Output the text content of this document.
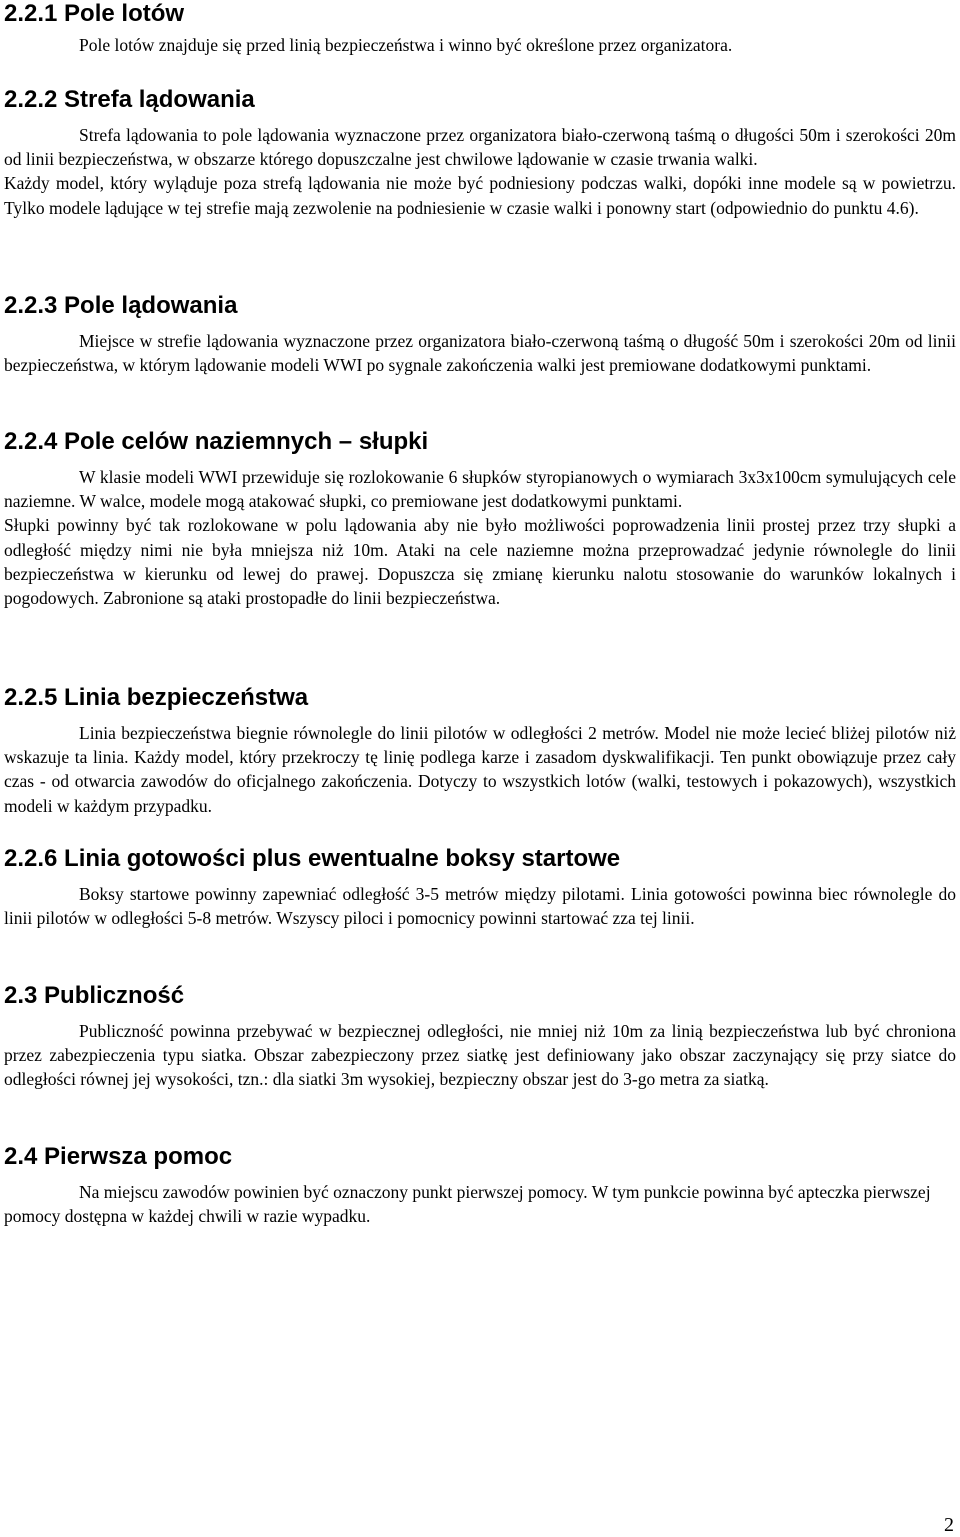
2.2.1 Pole lotów

Pole lotów znajduje się przed linią bezpieczeństwa i winno być określone przez organizatora.

2.2.2 Strefa lądowania

Strefa lądowania to pole lądowania wyznaczone przez organizatora biało-czerwoną taśmą o długości 50m i szerokości 20m od linii bezpieczeństwa, w obszarze którego dopuszczalne jest chwilowe lądowanie w czasie trwania walki.

Każdy model, który wyląduje poza strefą lądowania nie może być podniesiony podczas walki, dopóki inne modele są w powietrzu. Tylko modele lądujące w tej strefie mają zezwolenie na podniesienie w czasie walki i ponowny start (odpowiednio do punktu 4.6).

2.2.3 Pole lądowania

Miejsce w strefie lądowania wyznaczone przez organizatora biało-czerwoną taśmą o długość 50m i szerokości 20m od linii bezpieczeństwa, w którym lądowanie modeli WWI po sygnale zakończenia walki jest premiowane dodatkowymi punktami.

2.2.4 Pole celów naziemnych – słupki

W klasie modeli WWI przewiduje się rozlokowanie 6 słupków styropianowych o wymiarach 3x3x100cm symulujących cele naziemne. W walce, modele mogą atakować słupki, co premiowane jest dodatkowymi punktami.

Słupki powinny być tak rozlokowane w polu lądowania aby nie było możliwości poprowadzenia linii prostej przez trzy słupki a odległość między nimi nie była mniejsza niż 10m. Ataki na cele naziemne można przeprowadzać jedynie równolegle do linii bezpieczeństwa w kierunku od lewej do prawej. Dopuszcza się zmianę kierunku nalotu stosowanie do warunków lokalnych i pogodowych. Zabronione są ataki prostopadłe do linii bezpieczeństwa.

2.2.5 Linia bezpieczeństwa

Linia bezpieczeństwa biegnie równolegle do linii pilotów w odległości 2 metrów. Model nie może lecieć bliżej pilotów niż wskazuje ta linia. Każdy model, który przekroczy tę linię podlega karze i zasadom dyskwalifikacji. Ten punkt obowiązuje przez cały czas - od otwarcia zawodów do oficjalnego zakończenia. Dotyczy to wszystkich lotów (walki, testowych i pokazowych), wszystkich modeli w każdym przypadku.

2.2.6 Linia gotowości plus ewentualne boksy startowe

Boksy startowe powinny zapewniać odległość 3-5 metrów między pilotami. Linia gotowości powinna biec równolegle do linii pilotów w odległości 5-8 metrów. Wszyscy piloci i pomocnicy powinni startować zza tej linii.

2.3 Publiczność

Publiczność powinna przebywać w bezpiecznej odległości, nie mniej niż 10m za linią bezpieczeństwa lub być chroniona przez zabezpieczenia typu siatka. Obszar zabezpieczony przez siatkę jest definiowany jako obszar zaczynający się przy siatce do odległości równej jej wysokości, tzn.: dla siatki 3m wysokiej, bezpieczny obszar jest do 3-go metra za siatką.

2.4 Pierwsza pomoc

Na miejscu zawodów powinien być oznaczony punkt pierwszej pomocy. W tym punkcie powinna być apteczka pierwszej pomocy dostępna w każdej chwili w razie wypadku.

2
